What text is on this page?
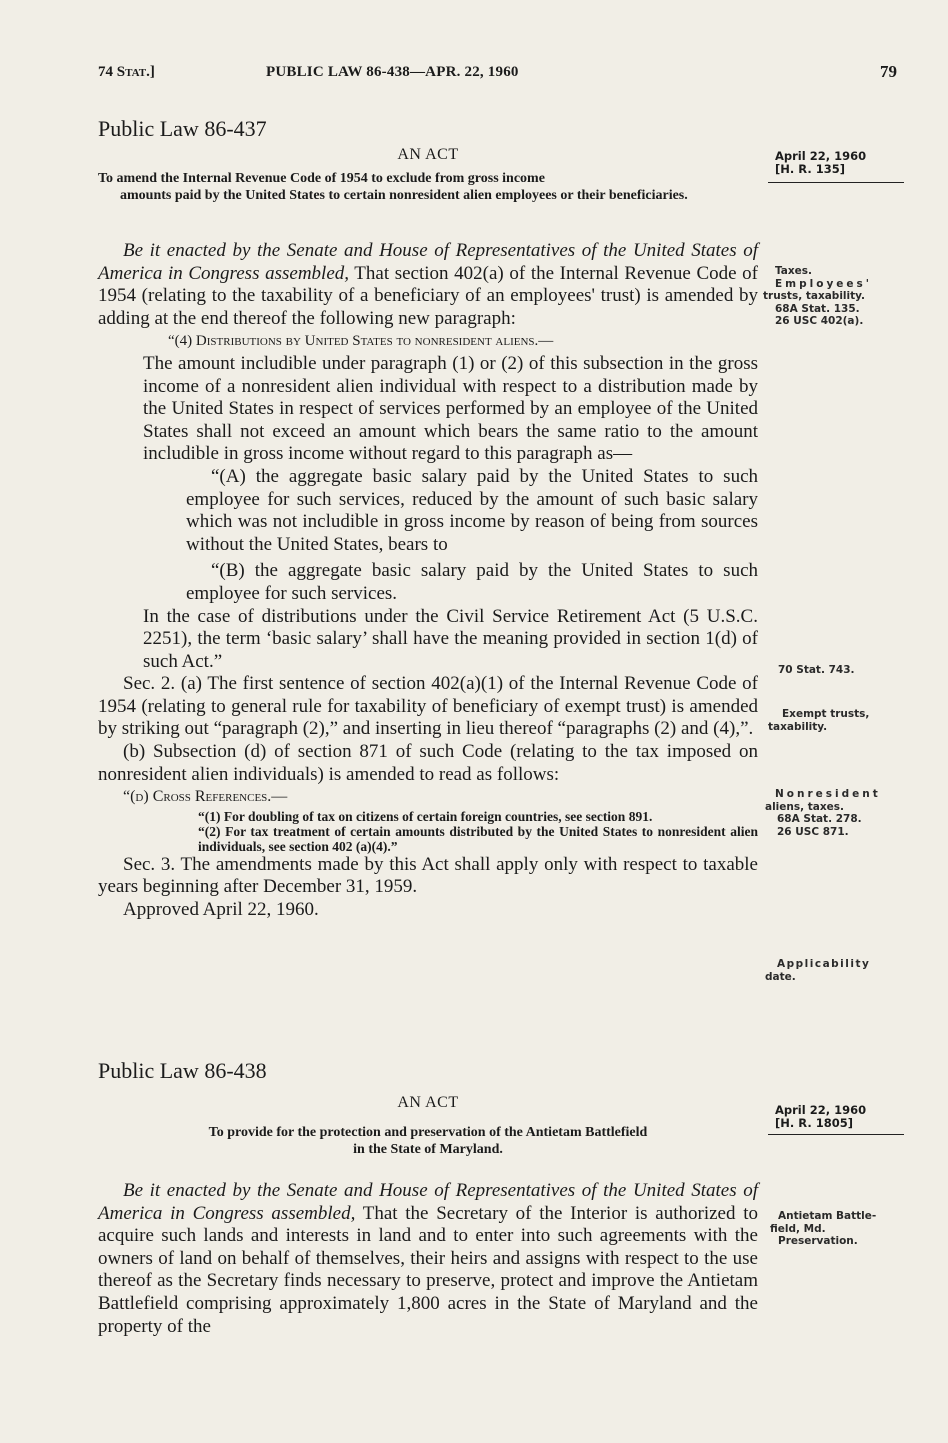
74 Stat.]	PUBLIC LAW 86-438—APR. 22, 1960	79
Public Law 86-437
AN ACT
To amend the Internal Revenue Code of 1954 to exclude from gross income
amounts paid by the United States to certain nonresident alien employees or their beneficiaries.
April 22, 1960
[H. R. 135]

Be it enacted by the Senate and House of Representatives of the United States of America in Congress assembled, That section 402(a) of the Internal Revenue Code of 1954 (relating to the taxability of a beneficiary of an employees' trust) is amended by adding at the end thereof the following new paragraph:

“(4) Distributions by United States to nonresident aliens.—

The amount includible under paragraph (1) or (2) of this subsection in the gross income of a nonresident alien individual with respect to a distribution made by the United States in respect of services performed by an employee of the United States shall not exceed an amount which bears the same ratio to the amount includible in gross income without regard to this paragraph as—

“(A) the aggregate basic salary paid by the United States to such employee for such services, reduced by the amount of such basic salary which was not includible in gross income by reason of being from sources without the United States, bears to

“(B) the aggregate basic salary paid by the United States to such employee for such services.

In the case of distributions under the Civil Service Retirement Act (5 U.S.C. 2251), the term ‘basic salary’ shall have the meaning provided in section 1(d) of such Act.”

Sec. 2. (a) The first sentence of section 402(a)(1) of the Internal Revenue Code of 1954 (relating to general rule for taxability of beneficiary of exempt trust) is amended by striking out “paragraph (2),” and inserting in lieu thereof “paragraphs (2) and (4),”.

(b) Subsection (d) of section 871 of such Code (relating to the tax imposed on nonresident alien individuals) is amended to read as follows:

“(d) Cross References.—

“(1) For doubling of tax on citizens of certain foreign countries, see section 891.

“(2) For tax treatment of certain amounts distributed by the United States to nonresident alien individuals, see section 402 (a)(4).”

Sec. 3. The amendments made by this Act shall apply only with respect to taxable years beginning after December 31, 1959.

Approved April 22, 1960.

Taxes.
Employees'
trusts, taxability.
68A Stat. 135.
26 USC 402(a).
70 Stat. 743.
Exempt trusts,
taxability.
Nonresident
aliens, taxes.
68A Stat. 278.
26 USC 871.
Applicability
date.
Public Law 86-438
AN ACT
To provide for the protection and preservation of the Antietam Battlefield
in the State of Maryland.
April 22, 1960
[H. R. 1805]

Be it enacted by the Senate and House of Representatives of the United States of America in Congress assembled, That the Secretary of the Interior is authorized to acquire such lands and interests in land and to enter into such agreements with the owners of land on behalf of themselves, their heirs and assigns with respect to the use thereof as the Secretary finds necessary to preserve, protect and improve the Antietam Battlefield comprising approximately 1,800 acres in the State of Maryland and the property of the

Antietam Battle-
field, Md.
Preservation.
